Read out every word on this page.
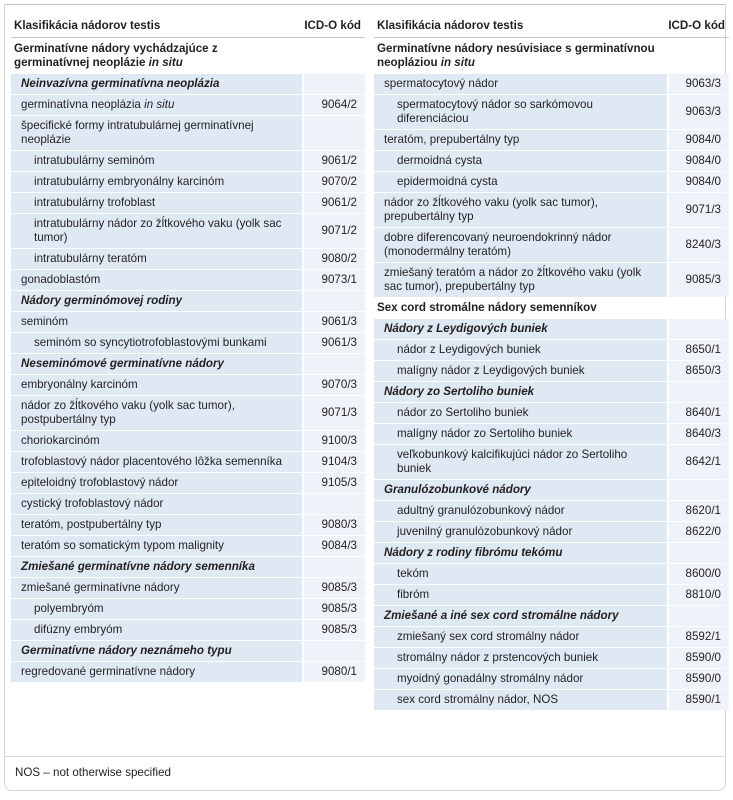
Klasifikácia nádorov testis	ICD-O kód
Germinatívne nádory vychádzajúce z germinatívnej neoplázie in situ	
Neinvazívna germinatívna neoplázia	
germinatívna neoplázia in situ	9064/2
špecifické formy intratubulárnej germinatívnej neoplázie	
intratubulárny seminóm	9061/2
intratubulárny embryonálny karcinóm	9070/2
intratubulárny trofoblast	9061/2
intratubulárny nádor zo žĺtkového vaku (yolk sac tumor)	9071/2
intratubulárny teratóm	9080/2
gonadoblastóm	9073/1
Nádory germinómovej rodiny	
seminóm	9061/3
seminóm so syncytiotrofoblastovými bunkami	9061/3
Neseminómové germinatívne nádory	
embryonálny karcinóm	9070/3
nádor zo žĺtkového vaku (yolk sac tumor), postpubertálny typ	9071/3
choriokarcinóm	9100/3
trofoblastový nádor placentového lôžka semenníka	9104/3
epiteloidný trofoblastový nádor	9105/3
cystický trofoblastový nádor	
teratóm, postpubertálny typ	9080/3
teratóm so somatickým typom malignity	9084/3
Zmiešané germinatívne nádory semenníka	
zmiešané germinatívne nádory	9085/3
polyembryóm	9085/3
difúzny embryóm	9085/3
Germinatívne nádory neznámeho typu	
regredované germinatívne nádory	9080/1
Klasifikácia nádorov testis	ICD-O kód
Germinatívne nádory nesúvisiace s germinatívnou neopláziou in situ	
spermatocytový nádor	9063/3
spermatocytový nádor so sarkómovou diferenciáciou	9063/3
teratóm, prepubertálny typ	9084/0
dermoidná cysta	9084/0
epidermoidná cysta	9084/0
nádor zo žĺtkového vaku (yolk sac tumor), prepubertálny typ	9071/3
dobre diferencovaný neuroendokrinný nádor (monodermálny teratóm)	8240/3
zmiešaný teratóm a nádor zo žĺtkového vaku (yolk sac tumor), prepubertálny typ	9085/3
Sex cord stromálne nádory semenníkov	
Nádory z Leydigových buniek	
nádor z Leydigových buniek	8650/1
malígny nádor z Leydigových buniek	8650/3
Nádory zo Sertoliho buniek	
nádor zo Sertoliho buniek	8640/1
malígny nádor zo Sertoliho buniek	8640/3
veľkobunkový kalcifikujúci nádor zo Sertoliho buniek	8642/1
Granulózobunkové nádory	
adultný granulózobunkový nádor	8620/1
juvenilný granulózobunkový nádor	8622/0
Nádory z rodiny fibrómu tekómu	
tekóm	8600/0
fibróm	8810/0
Zmiešané a iné sex cord stromálne nádory	
zmiešaný sex cord stromálny nádor	8592/1
stromálny nádor z prstencových buniek	8590/0
myoidný gonadálny stromálny nádor	8590/0
sex cord stromálny nádor, NOS	8590/1
NOS – not otherwise specified
